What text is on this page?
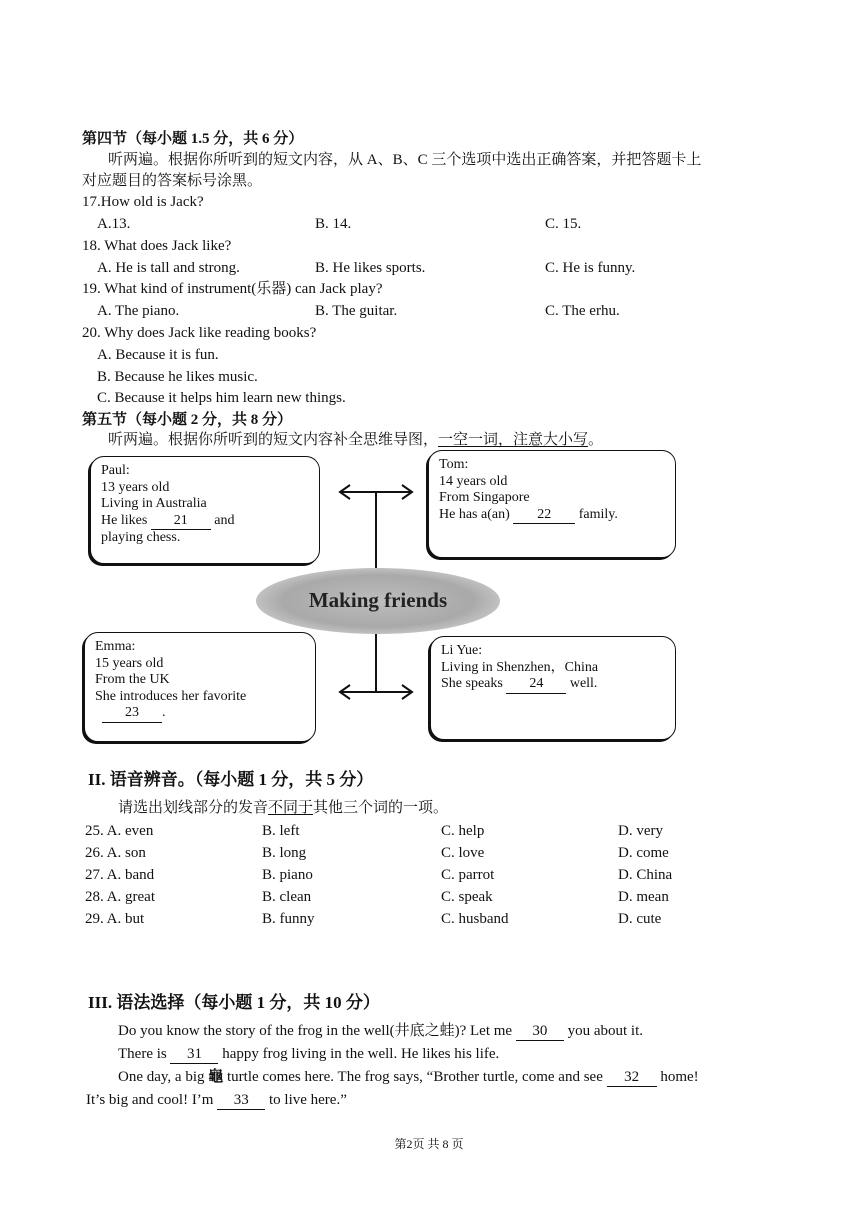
第四节（每小题 1.5 分，共 6 分）
听两遍。根据你所听到的短文内容，从 A、B、C 三个选项中选出正确答案，并把答题卡上
对应题目的答案标号涂黑。
17.How old is Jack?
A.13.	B. 14.	C. 15.
18. What does Jack like?
A. He is tall and strong.	B. He likes sports.	C. He is funny.
19. What kind of instrument(乐器) can Jack play?
A. The piano.	B. The guitar.	C. The erhu.
20. Why does Jack like reading books?
A. Because it is fun.
B. Because he likes music.
C. Because it helps him learn new things.
第五节（每小题 2 分，共 8 分）
听两遍。根据你所听到的短文内容补全思维导图，一空一词，注意大小写。
Paul:
13 years old
Living in Australia
He likes 21 and
playing chess.
Tom:
14 years old
From Singapore
He has a(an) 22 family.
Making friends
Emma:
15 years old
From the UK
She introduces her favorite
23 .
Li Yue:
Living in Shenzhen，China
She speaks 24 well.
II. 语音辨音。（每小题 1 分，共 5 分）
请选出划线部分的发音不同于其他三个词的一项。
25. A. even	B. left	C. help	D. very
26. A. son	B. long	C. love	D. come
27. A. band	B. piano	C. parrot	D. China
28. A. great	B. clean	C. speak	D. mean
29. A. but	B. funny	C. husband	D. cute
III. 语法选择（每小题 1 分，共 10 分）
Do you know the story of the frog in the well(井底之蛙)? Let me 30 you about it.
There is 31 happy frog living in the well. He likes his life.
One day, a big 龜 turtle comes here. The frog says, “Brother turtle, come and see 32 home!
It’s big and cool! I’m 33 to live here.”
第2页 共 8 页
